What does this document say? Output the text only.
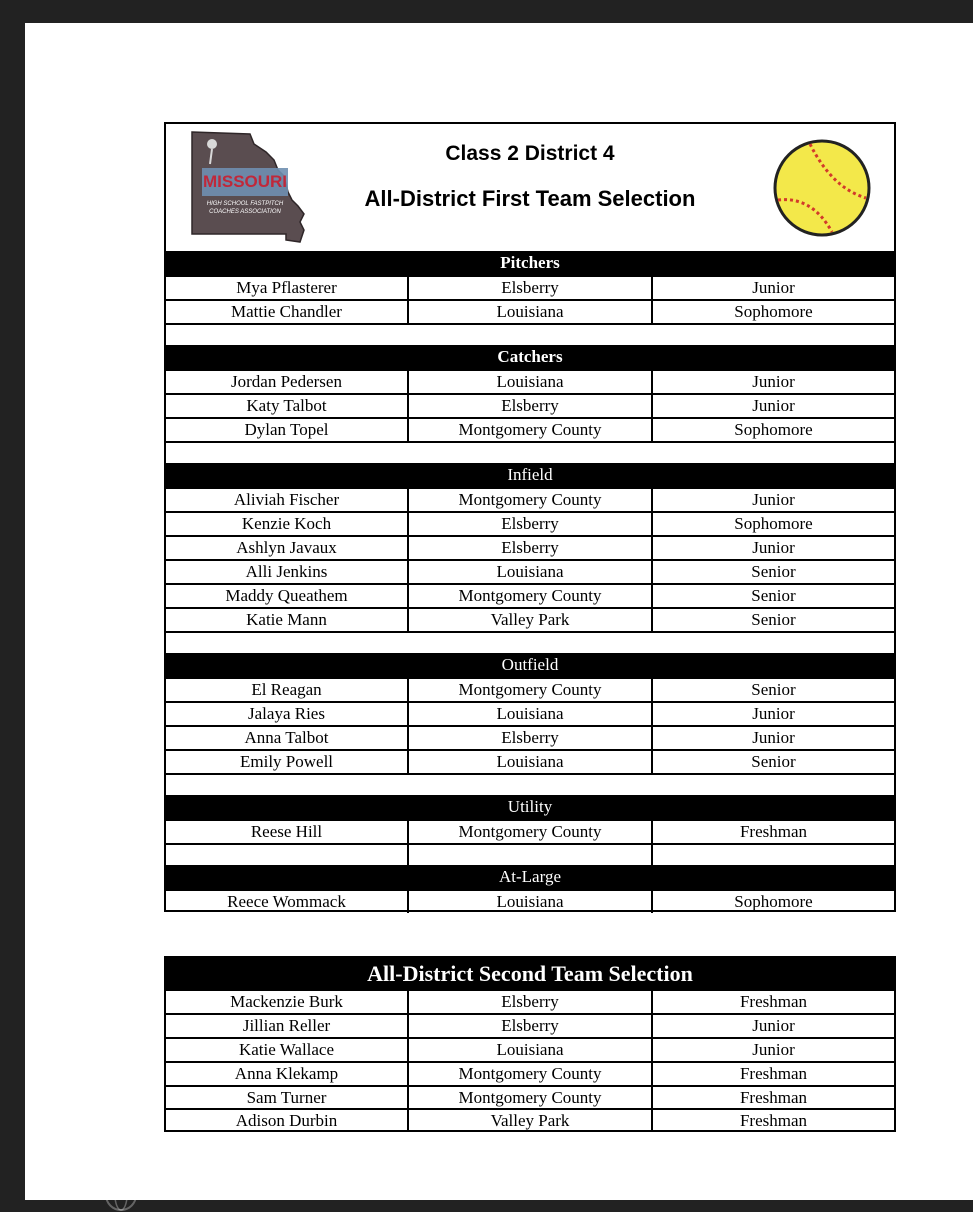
MISSOURI
HIGH SCHOOL FASTPITCH
COACHES ASSOCIATION
Class 2 District 4
All-District First Team Selection
Pitchers
Mya Pflasterer	Elsberry	Junior
Mattie Chandler	Louisiana	Sophomore
Catchers
Jordan Pedersen	Louisiana	Junior
Katy Talbot	Elsberry	Junior
Dylan Topel	Montgomery County	Sophomore
Infield
Aliviah Fischer	Montgomery County	Junior
Kenzie Koch	Elsberry	Sophomore
Ashlyn Javaux	Elsberry	Junior
Alli Jenkins	Louisiana	Senior
Maddy Queathem	Montgomery County	Senior
Katie Mann	Valley Park	Senior
Outfield
El Reagan	Montgomery County	Senior
Jalaya Ries	Louisiana	Junior
Anna Talbot	Elsberry	Junior
Emily Powell	Louisiana	Senior
Utility
Reese Hill	Montgomery County	Freshman
At-Large
Reece Wommack	Louisiana	Sophomore
All-District Second Team Selection
Mackenzie Burk	Elsberry	Freshman
Jillian Reller	Elsberry	Junior
Katie Wallace	Louisiana	Junior
Anna Klekamp	Montgomery County	Freshman
Sam Turner	Montgomery County	Freshman
Adison Durbin	Valley Park	Freshman
Elsberry Diamond Indians
